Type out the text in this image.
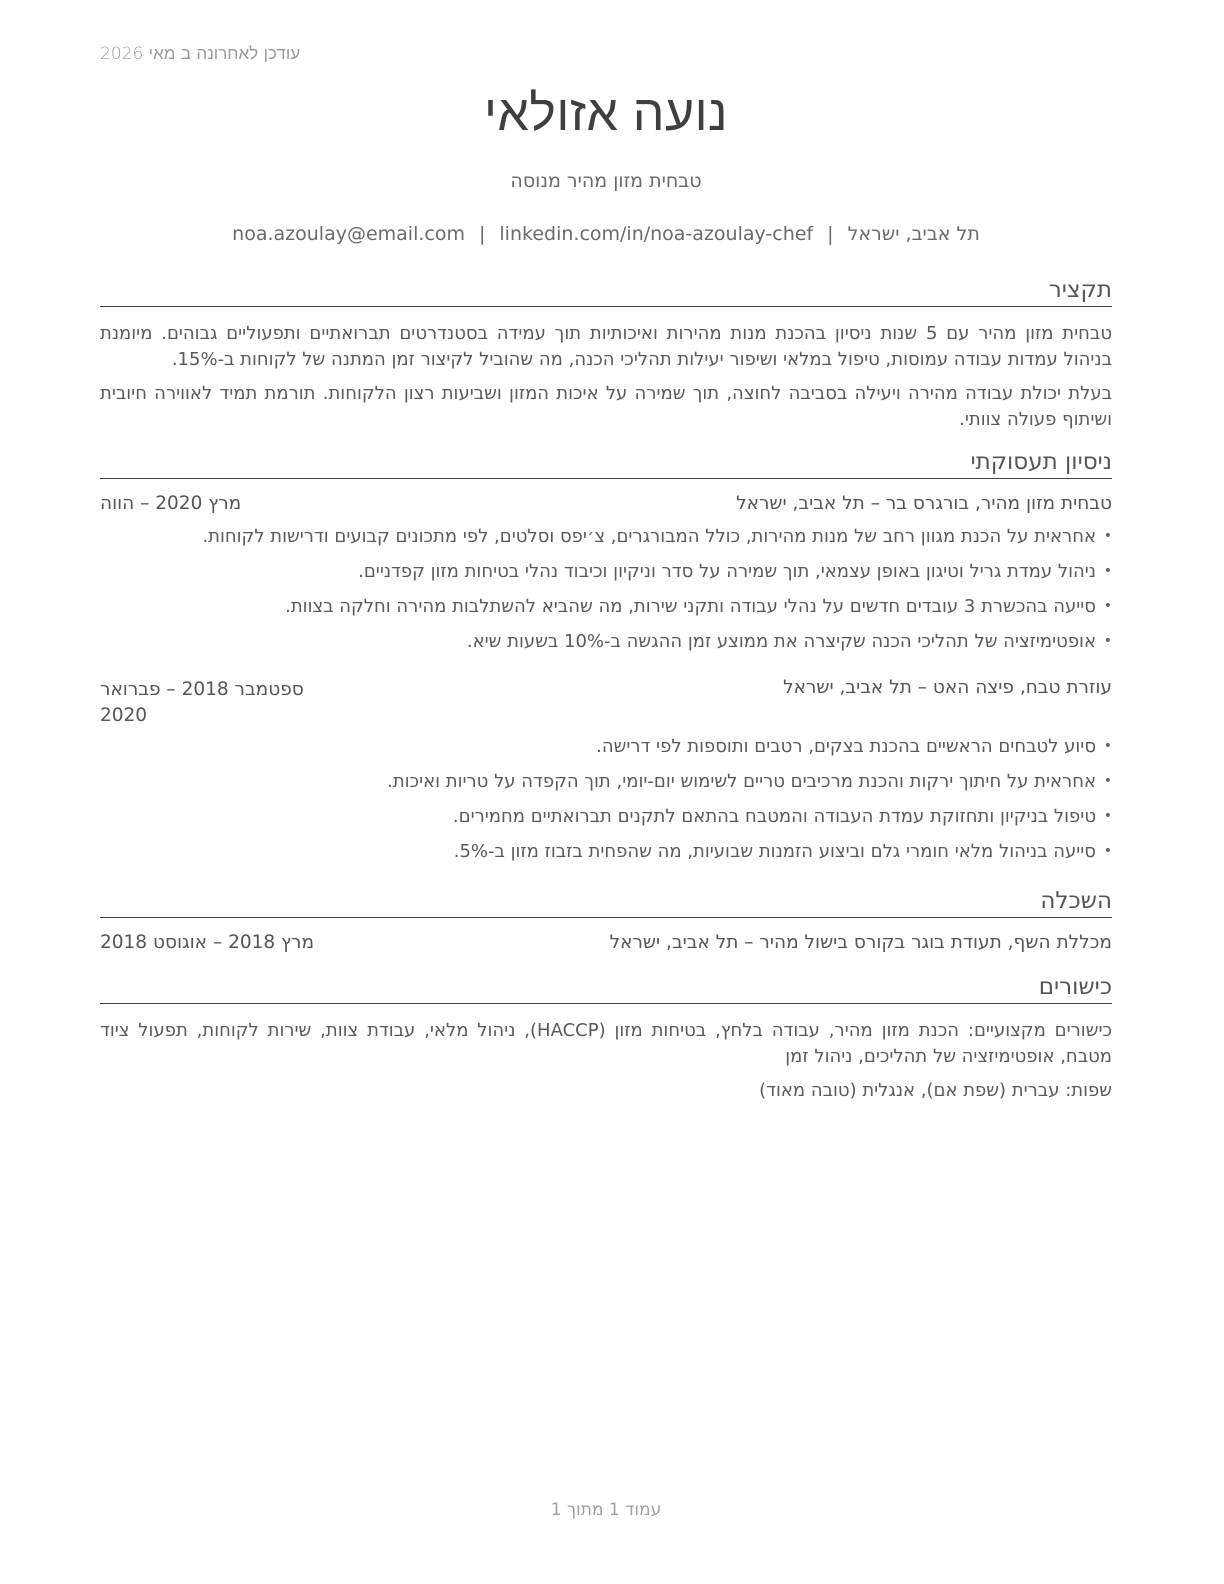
עודכן לאחרונה ב מאי 2026
נועה אזולאי
טבחית מזון מהיר מנוסה
תל אביב, ישראל|noa.azoulay@email.com | linkedin.com/in/noa-azoulay-chef
תקציר

טבחית מזון מהיר עם 5 שנות ניסיון בהכנת מנות מהירות ואיכותיות תוך עמידה בסטנדרטים תברואתיים ותפעוליים גבוהים. מיומנת בניהול עמדות עבודה עמוסות, טיפול במלאי ושיפור יעילות תהליכי הכנה, מה שהוביל לקיצור זמן המתנה של לקוחות ב-15%.

בעלת יכולת עבודה מהירה ויעילה בסביבה לחוצה, תוך שמירה על איכות המזון ושביעות רצון הלקוחות. תורמת תמיד לאווירה חיובית ושיתוף פעולה צוותי.

ניסיון תעסוקתי
טבחית מזון מהיר, בורגרס בר – תל אביב, ישראל
מרץ 2020 – הווה
• אחראית על הכנת מגוון רחב של מנות מהירות, כולל המבורגרים, צ׳יפס וסלטים, לפי מתכונים קבועים ודרישות לקוחות.
• ניהול עמדת גריל וטיגון באופן עצמאי, תוך שמירה על סדר וניקיון וכיבוד נהלי בטיחות מזון קפדניים.
• סייעה בהכשרת 3 עובדים חדשים על נהלי עבודה ותקני שירות, מה שהביא להשתלבות מהירה וחלקה בצוות.
• אופטימיזציה של תהליכי הכנה שקיצרה את ממוצע זמן ההגשה ב-10% בשעות שיא.
עוזרת טבח, פיצה האט – תל אביב, ישראל
ספטמבר 2018 – פברואר 2020
• סיוע לטבחים הראשיים בהכנת בצקים, רטבים ותוספות לפי דרישה.
• אחראית על חיתוך ירקות והכנת מרכיבים טריים לשימוש יום-יומי, תוך הקפדה על טריות ואיכות.
• טיפול בניקיון ותחזוקת עמדת העבודה והמטבח בהתאם לתקנים תברואתיים מחמירים.
• סייעה בניהול מלאי חומרי גלם וביצוע הזמנות שבועיות, מה שהפחית בזבוז מזון ב-5%.
השכלה
מכללת השף, תעודת בוגר בקורס בישול מהיר – תל אביב, ישראל
מרץ 2018 – אוגוסט 2018
כישורים

כישורים מקצועיים: הכנת מזון מהיר, עבודה בלחץ, בטיחות מזון (HACCP), ניהול מלאי, עבודת צוות, שירות לקוחות, תפעול ציוד מטבח, אופטימיזציה של תהליכים, ניהול זמן

שפות: עברית (שפת אם), אנגלית (טובה מאוד)

עמוד 1 מתוך 1
